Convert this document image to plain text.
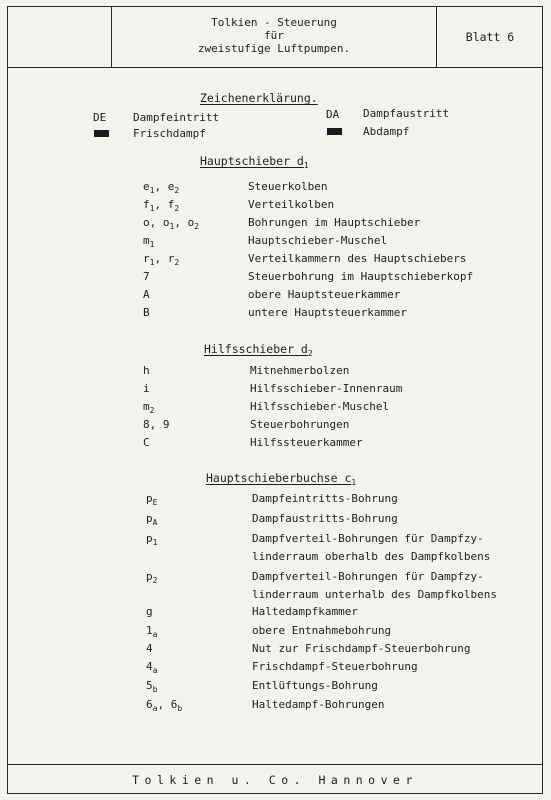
Tolkien - Steuerung
für
zweistufige Luftpumpen.
Blatt 6
Zeichenerklärung.
DE Dampfeintritt	DA Dampfaustritt
Frischdampf	Abdampf
Hauptschieber $d_1$
$e_1$, $e_2$	Steuerkolben
$f_1$, $f_2$	Verteilkolben
o, $o_1$, $o_2$	Bohrungen im Hauptschieber
$m_1$	Hauptschieber-Muschel
$r_1$, $r_2$	Verteilkammern des Hauptschiebers
7	Steuerbohrung im Hauptschieberkopf
A	obere Hauptsteuerkammer
B	untere Hauptsteuerkammer
Hilfsschieber $d_2$
h	Mitnehmerbolzen
i	Hilfsschieber-Innenraum
$m_2$	Hilfsschieber-Muschel
8, 9	Steuerbohrungen
C	Hilfssteuerkammer
Hauptschieberbuchse $c_1$
$p_E$	Dampfeintritts-Bohrung
$p_A$	Dampfaustritts-Bohrung
$p_1$	Dampfverteil-Bohrungen für Dampfzy-
linderraum oberhalb des Dampfkolbens
$p_2$	Dampfverteil-Bohrungen für Dampfzy-
linderraum unterhalb des Dampfkolbens
g	Haltedampfkammer
$1_a$	obere Entnahmebohrung
4	Nut zur Frischdampf-Steuerbohrung
$4_a$	Frischdampf-Steuerbohrung
$5_b$	Entlüftungs-Bohrung
$6_a$, $6_b$	Haltedampf-Bohrungen
Tolkien u. Co. Hannover
